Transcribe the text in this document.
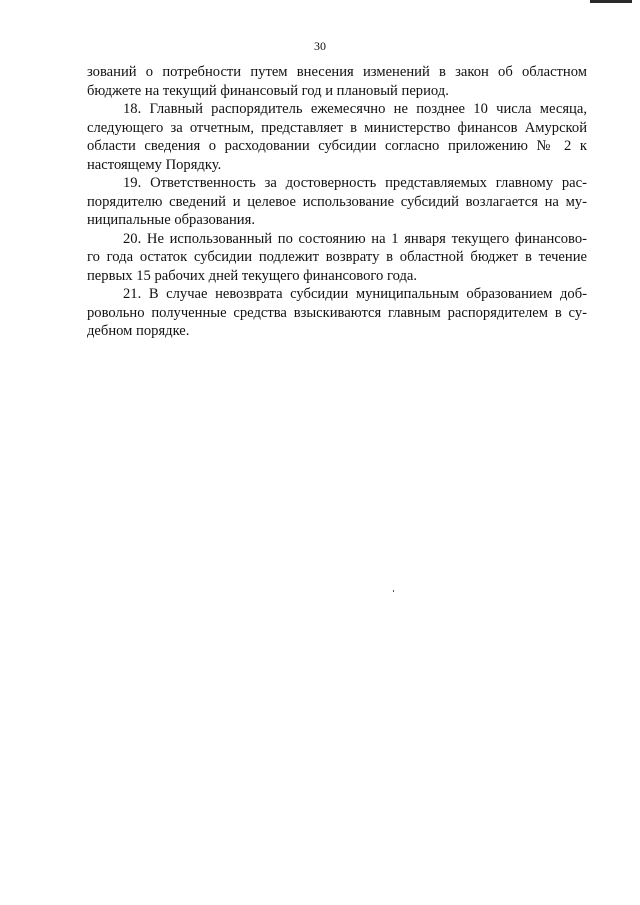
30
зований о потребности путем внесения изменений в закон об областном
бюджете на текущий финансовый год и плановый период.
18. Главный распорядитель ежемесячно не позднее 10 числа месяца,
следующего за отчетным, представляет в министерство финансов Амурской
области сведения о расходовании субсидии согласно приложению № 2 к
настоящему Порядку.
19. Ответственность за достоверность представляемых главному рас-
порядителю сведений и целевое использование субсидий возлагается на му-
ниципальные образования.
20. Не использованный по состоянию на 1 января текущего финансово-
го года остаток субсидии подлежит возврату в областной бюджет в течение
первых 15 рабочих дней текущего финансового года.
21. В случае невозврата субсидии муниципальным образованием доб-
ровольно полученные средства взыскиваются главным распорядителем в су-
дебном порядке.
